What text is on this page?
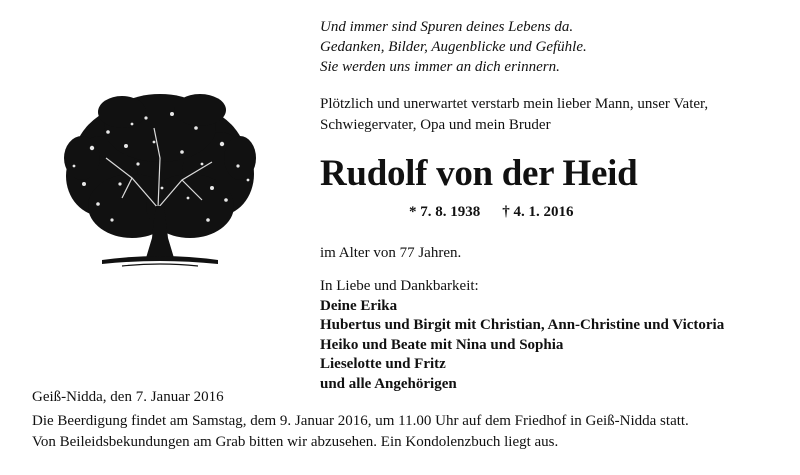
Und immer sind Spuren deines Lebens da.
Gedanken, Bilder, Augenblicke und Gefühle.
Sie werden uns immer an dich erinnern.
Plötzlich und unerwartet verstarb mein lieber Mann, unser Vater,
Schwiegervater, Opa und mein Bruder
Rudolf von der Heid
* 7. 8. 1938 † 4. 1. 2016
im Alter von 77 Jahren.
In Liebe und Dankbarkeit:
Deine Erika
Hubertus und Birgit mit Christian, Ann-Christine und Victoria
Heiko und Beate mit Nina und Sophia
Lieselotte und Fritz
und alle Angehörigen
Geiß-Nidda, den 7. Januar 2016
Die Beerdigung findet am Samstag, dem 9. Januar 2016, um 11.00 Uhr auf dem Friedhof in Geiß-Nidda statt.
Von Beileidsbekundungen am Grab bitten wir abzusehen. Ein Kondolenzbuch liegt aus.
